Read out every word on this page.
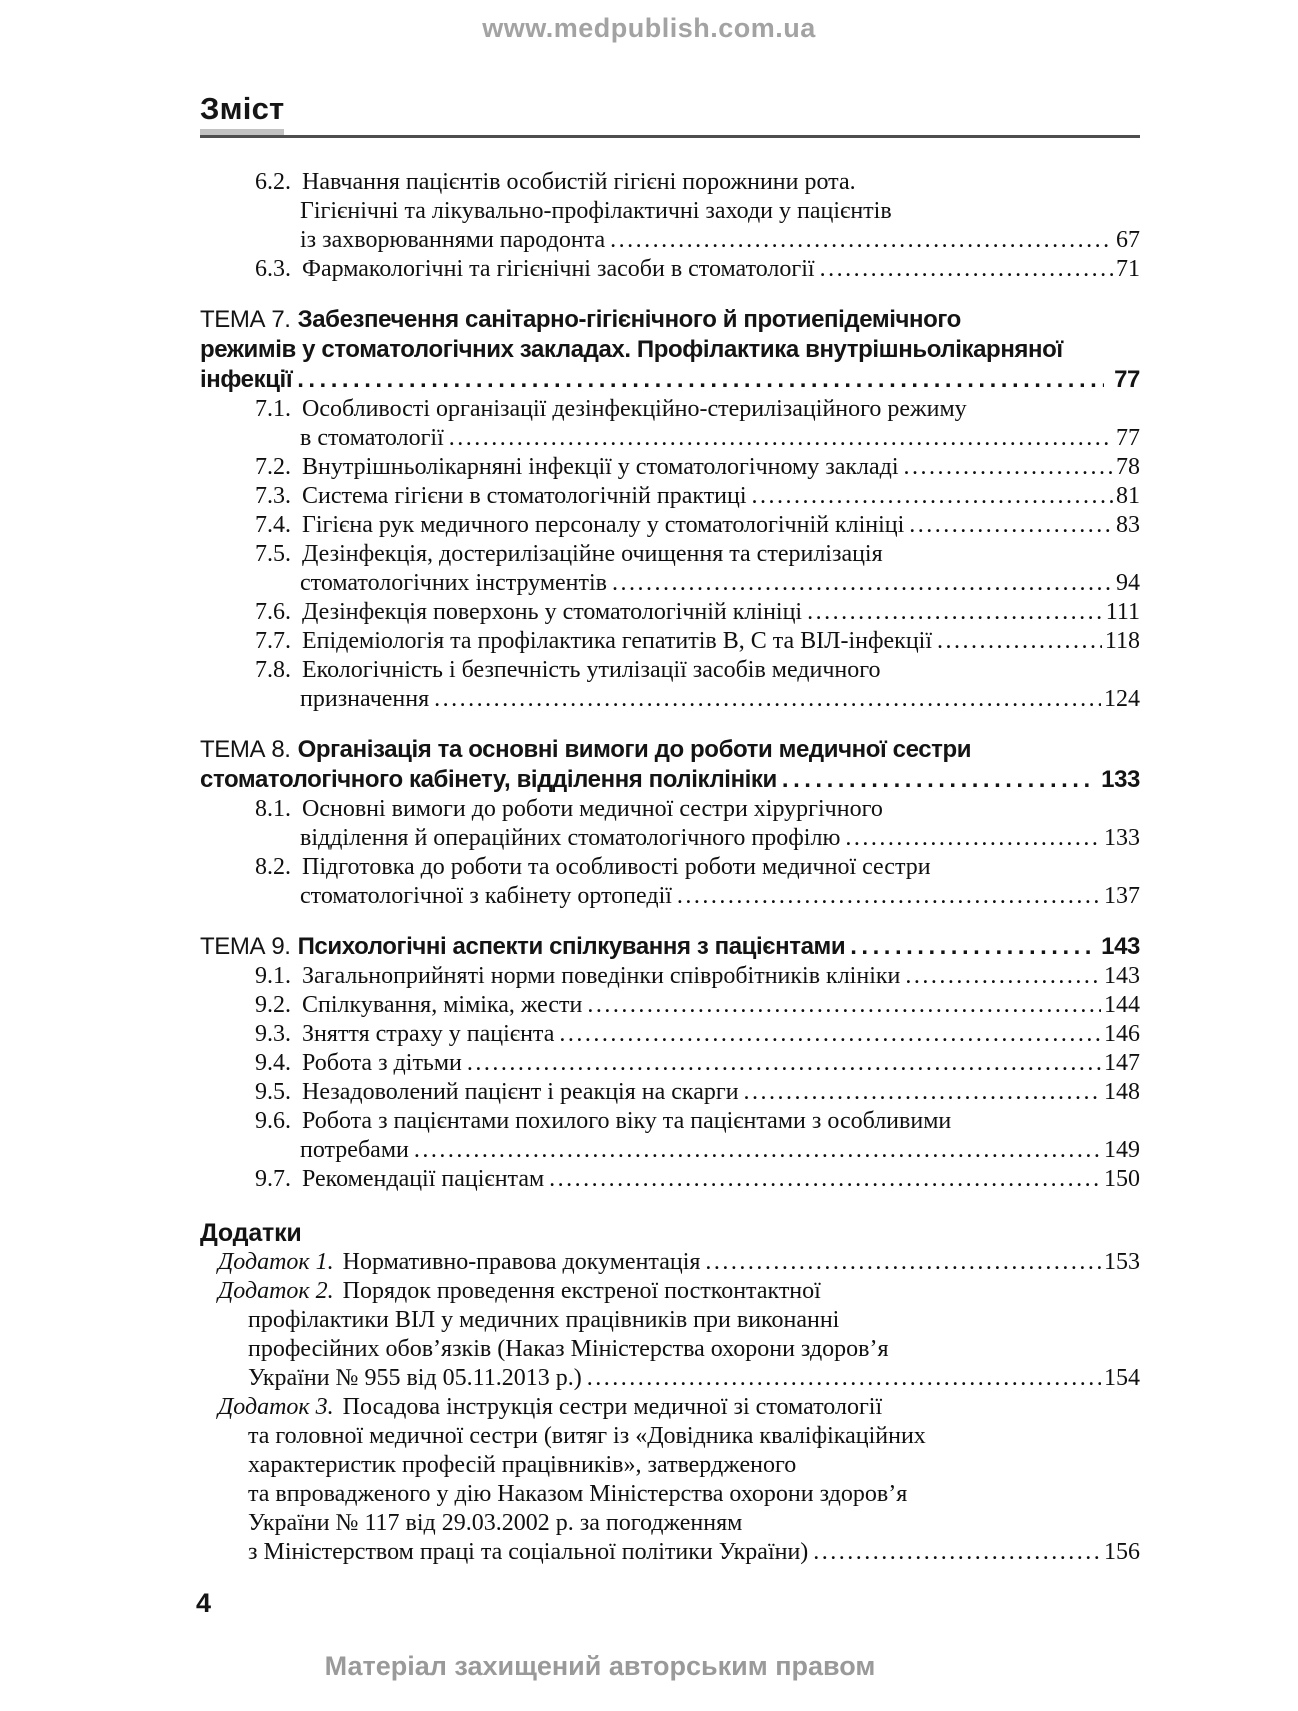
www.medpublish.com.ua
Зміст
6.2. Навчання пацієнтів особистій гігієні порожнини рота.
Гігієнічні та лікувально-профілактичні заходи у пацієнтів
із захворюваннями пародонта .....	67
6.3. Фармакологічні та гігієнічні засоби в стоматології .....	71
ТЕМА 7. Забезпечення санітарно-гігієнічного й протиепідемічного
режимів у стоматологічних закладах. Профілактика внутрішньолікарняної
інфекції .....	77
7.1. Особливості організації дезінфекційно-стерилізаційного режиму
в стоматології .....	77
7.2. Внутрішньолікарняні інфекції у стоматологічному закладі .....	78
7.3. Система гігієни в стоматологічній практиці .....	81
7.4. Гігієна рук медичного персоналу у стоматологічній клініці .....	83
7.5. Дезінфекція, достерилізаційне очищення та стерилізація
стоматологічних інструментів .....	94
7.6. Дезінфекція поверхонь у стоматологічній клініці .....	111
7.7. Епідеміологія та профілактика гепатитів В, С та ВІЛ-інфекції .....	118
7.8. Екологічність і безпечність утилізації засобів медичного
призначення .....	124
ТЕМА 8. Організація та основні вимоги до роботи медичної сестри
стоматологічного кабінету, відділення поліклініки .....	133
8.1. Основні вимоги до роботи медичної сестри хірургічного
відділення й операційних стоматологічного профілю .....	133
8.2. Підготовка до роботи та особливості роботи медичної сестри
стоматологічної з кабінету ортопедії .....	137
ТЕМА 9. Психологічні аспекти спілкування з пацієнтами .....	143
9.1. Загальноприйняті норми поведінки співробітників клініки .....	143
9.2. Спілкування, міміка, жести .....	144
9.3. Зняття страху у пацієнта .....	146
9.4. Робота з дітьми .....	147
9.5. Незадоволений пацієнт і реакція на скарги .....	148
9.6. Робота з пацієнтами похилого віку та пацієнтами з особливими
потребами .....	149
9.7. Рекомендації пацієнтам .....	150
Додатки
Додаток 1. Нормативно-правова документація .....	153
Додаток 2. Порядок проведення екстреної постконтактної
профілактики ВІЛ у медичних працівників при виконанні
професійних обов’язків (Наказ Міністерства охорони здоров’я
України № 955 від 05.11.2013 р.) .....	154
Додаток 3. Посадова інструкція сестри медичної зі стоматології
та головної медичної сестри (витяг із «Довідника кваліфікаційних
характеристик професій працівників», затвердженого
та впровадженого у дію Наказом Міністерства охорони здоров’я
України № 117 від 29.03.2002 р. за погодженням
з Міністерством праці та соціальної політики України) .....	156
4
Матеріал захищений авторським правом
